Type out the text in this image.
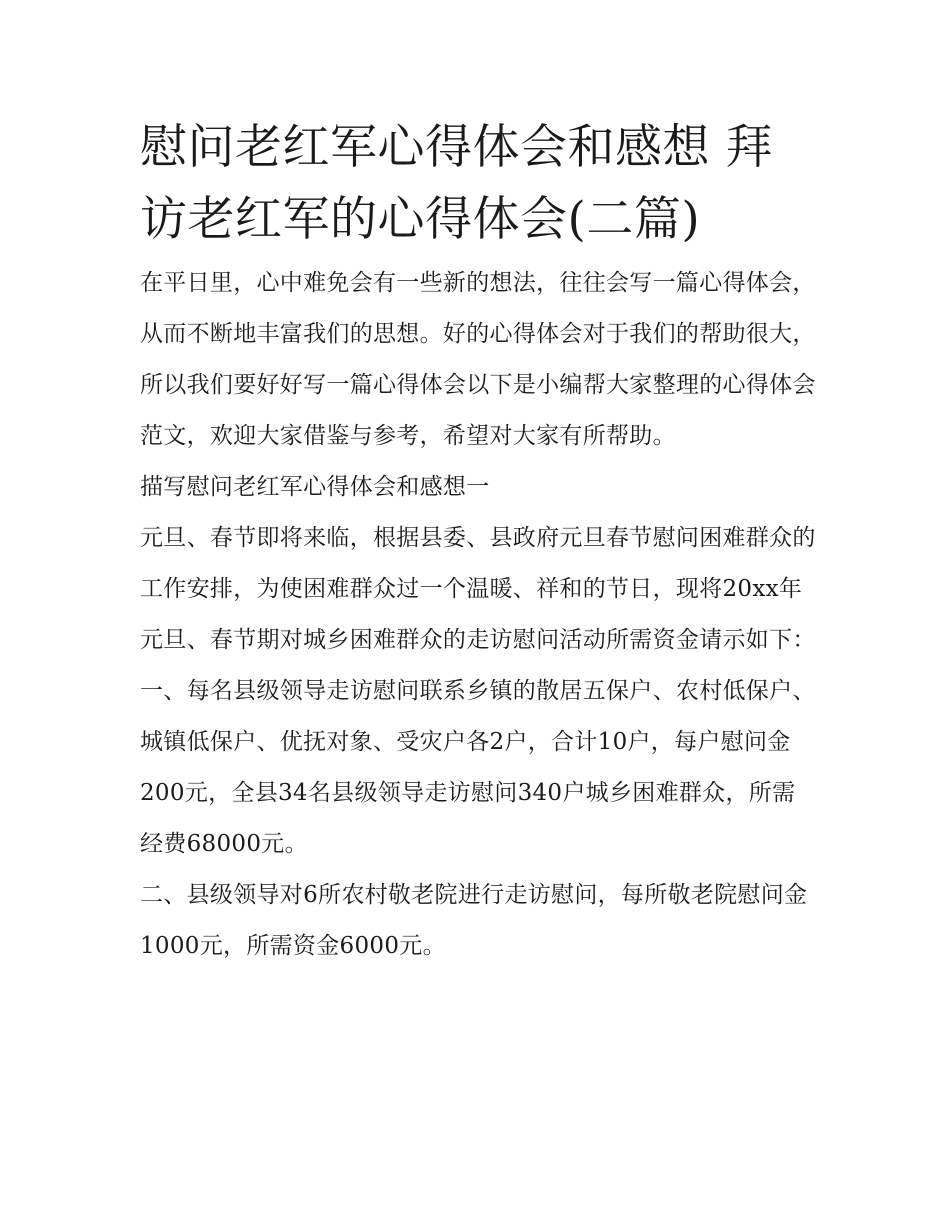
慰问老红军心得体会和感想 拜访老红军的心得体会(二篇)

在平日里，心中难免会有一些新的想法，往往会写一篇心得体会，从而不断地丰富我们的思想。好的心得体会对于我们的帮助很大，所以我们要好好写一篇心得体会以下是小编帮大家整理的心得体会范文，欢迎大家借鉴与参考，希望对大家有所帮助。

描写慰问老红军心得体会和感想一

元旦、春节即将来临，根据县委、县政府元旦春节慰问困难群众的工作安排，为使困难群众过一个温暖、祥和的节日，现将20xx年元旦、春节期对城乡困难群众的走访慰问活动所需资金请示如下：

一、每名县级领导走访慰问联系乡镇的散居五保户、农村低保户、城镇低保户、优抚对象、受灾户各2户，合计10户，每户慰问金200元，全县34名县级领导走访慰问340户城乡困难群众，所需经费68000元。

二、县级领导对6所农村敬老院进行走访慰问，每所敬老院慰问金1000元，所需资金6000元。
